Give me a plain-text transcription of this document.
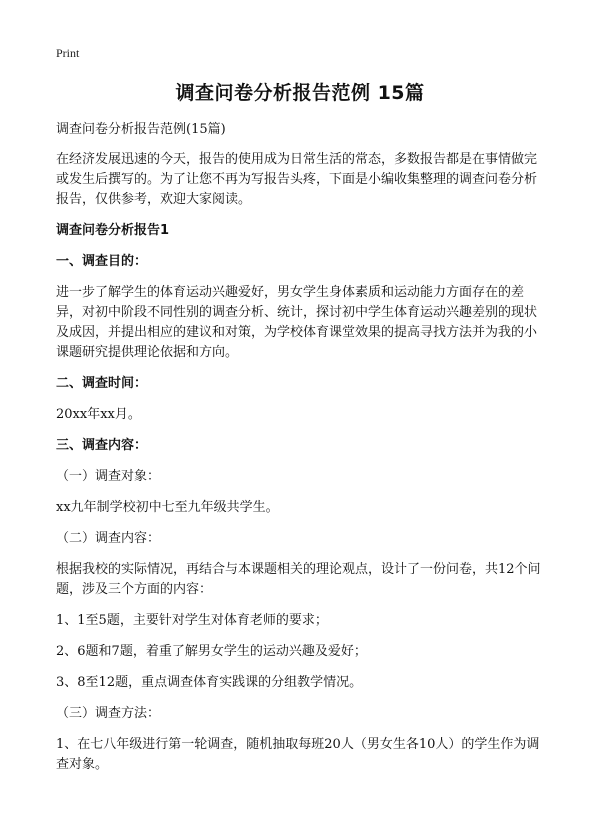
Print
调查问卷分析报告范例 15篇

调查问卷分析报告范例(15篇)

在经济发展迅速的今天，报告的使用成为日常生活的常态，多数报告都是在事情做完或发生后撰写的。为了让您不再为写报告头疼，下面是小编收集整理的调查问卷分析报告，仅供参考，欢迎大家阅读。

调查问卷分析报告1

一、调查目的：

进一步了解学生的体育运动兴趣爱好，男女学生身体素质和运动能力方面存在的差异，对初中阶段不同性别的调查分析、统计，探讨初中学生体育运动兴趣差别的现状及成因，并提出相应的建议和对策，为学校体育课堂效果的提高寻找方法并为我的小课题研究提供理论依据和方向。

二、调查时间：

20xx年xx月。

三、调查内容：

（一）调查对象：

xx九年制学校初中七至九年级共学生。

（二）调查内容：

根据我校的实际情况，再结合与本课题相关的理论观点，设计了一份问卷，共12个问题，涉及三个方面的内容：

1、1至5题，主要针对学生对体育老师的要求；

2、6题和7题，着重了解男女学生的运动兴趣及爱好；

3、8至12题，重点调查体育实践课的分组教学情况。

（三）调查方法：

1、在七八年级进行第一轮调查，随机抽取每班20人（男女生各10人）的学生作为调查对象。
